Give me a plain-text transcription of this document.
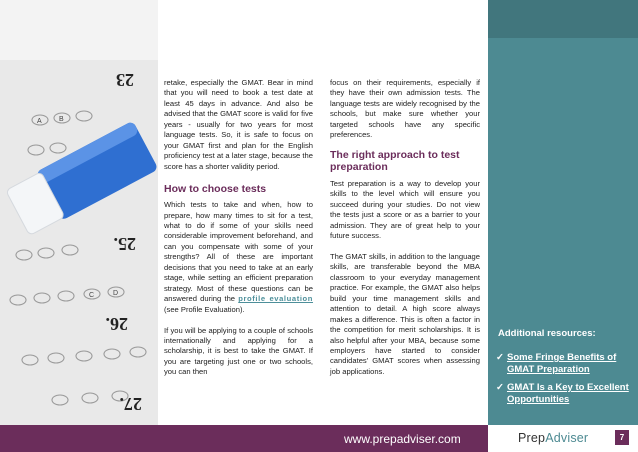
A B
C	D
23
25.
26.
27.

retake, especially the GMAT. Bear in mind that you will need to book a test date at least 45 days in advance. And also be advised that the GMAT score is valid for five years - usually for two years for most language tests. So, it is safe to focus on your GMAT first and plan for the English proficiency test at a later stage, because the score has a shorter validity period.

How to choose tests

Which tests to take and when, how to prepare, how many times to sit for a test, what to do if some of your skills need considerable improvement beforehand, and can you compensate with some of your strengths? All of these are important decisions that you need to take at an early stage, while setting an efficient preparation strategy. Most of these questions can be answered during the profile evaluation (see Profile Evaluation).

If you will be applying to a couple of schools internationally and applying for a scholarship, it is best to take the GMAT. If you are targeting just one or two schools, you can then

focus on their requirements, especially if they have their own admission tests. The language tests are widely recognised by the schools, but make sure whether your targeted schools have any specific preferences.

The right approach to test preparation

Test preparation is a way to develop your skills to the level which will ensure you succeed during your studies. Do not view the tests just a score or as a barrier to your admission. They are of great help to your future success.

The GMAT skills, in addition to the language skills, are transferable beyond the MBA classroom to your everyday management practice. For example, the GMAT also helps build your time management skills and attention to detail. A high score always makes a difference. This is often a factor in the competition for merit scholarships. It is also helpful after your MBA, because some employers have started to consider candidates’ GMAT scores when assessing job applications.

Additional resources:
✓ Some Fringe Benefits of GMAT Preparation
✓ GMAT Is a Key to Excellent Opportunities
www.prepadviser.com	PrepAdviser	7
